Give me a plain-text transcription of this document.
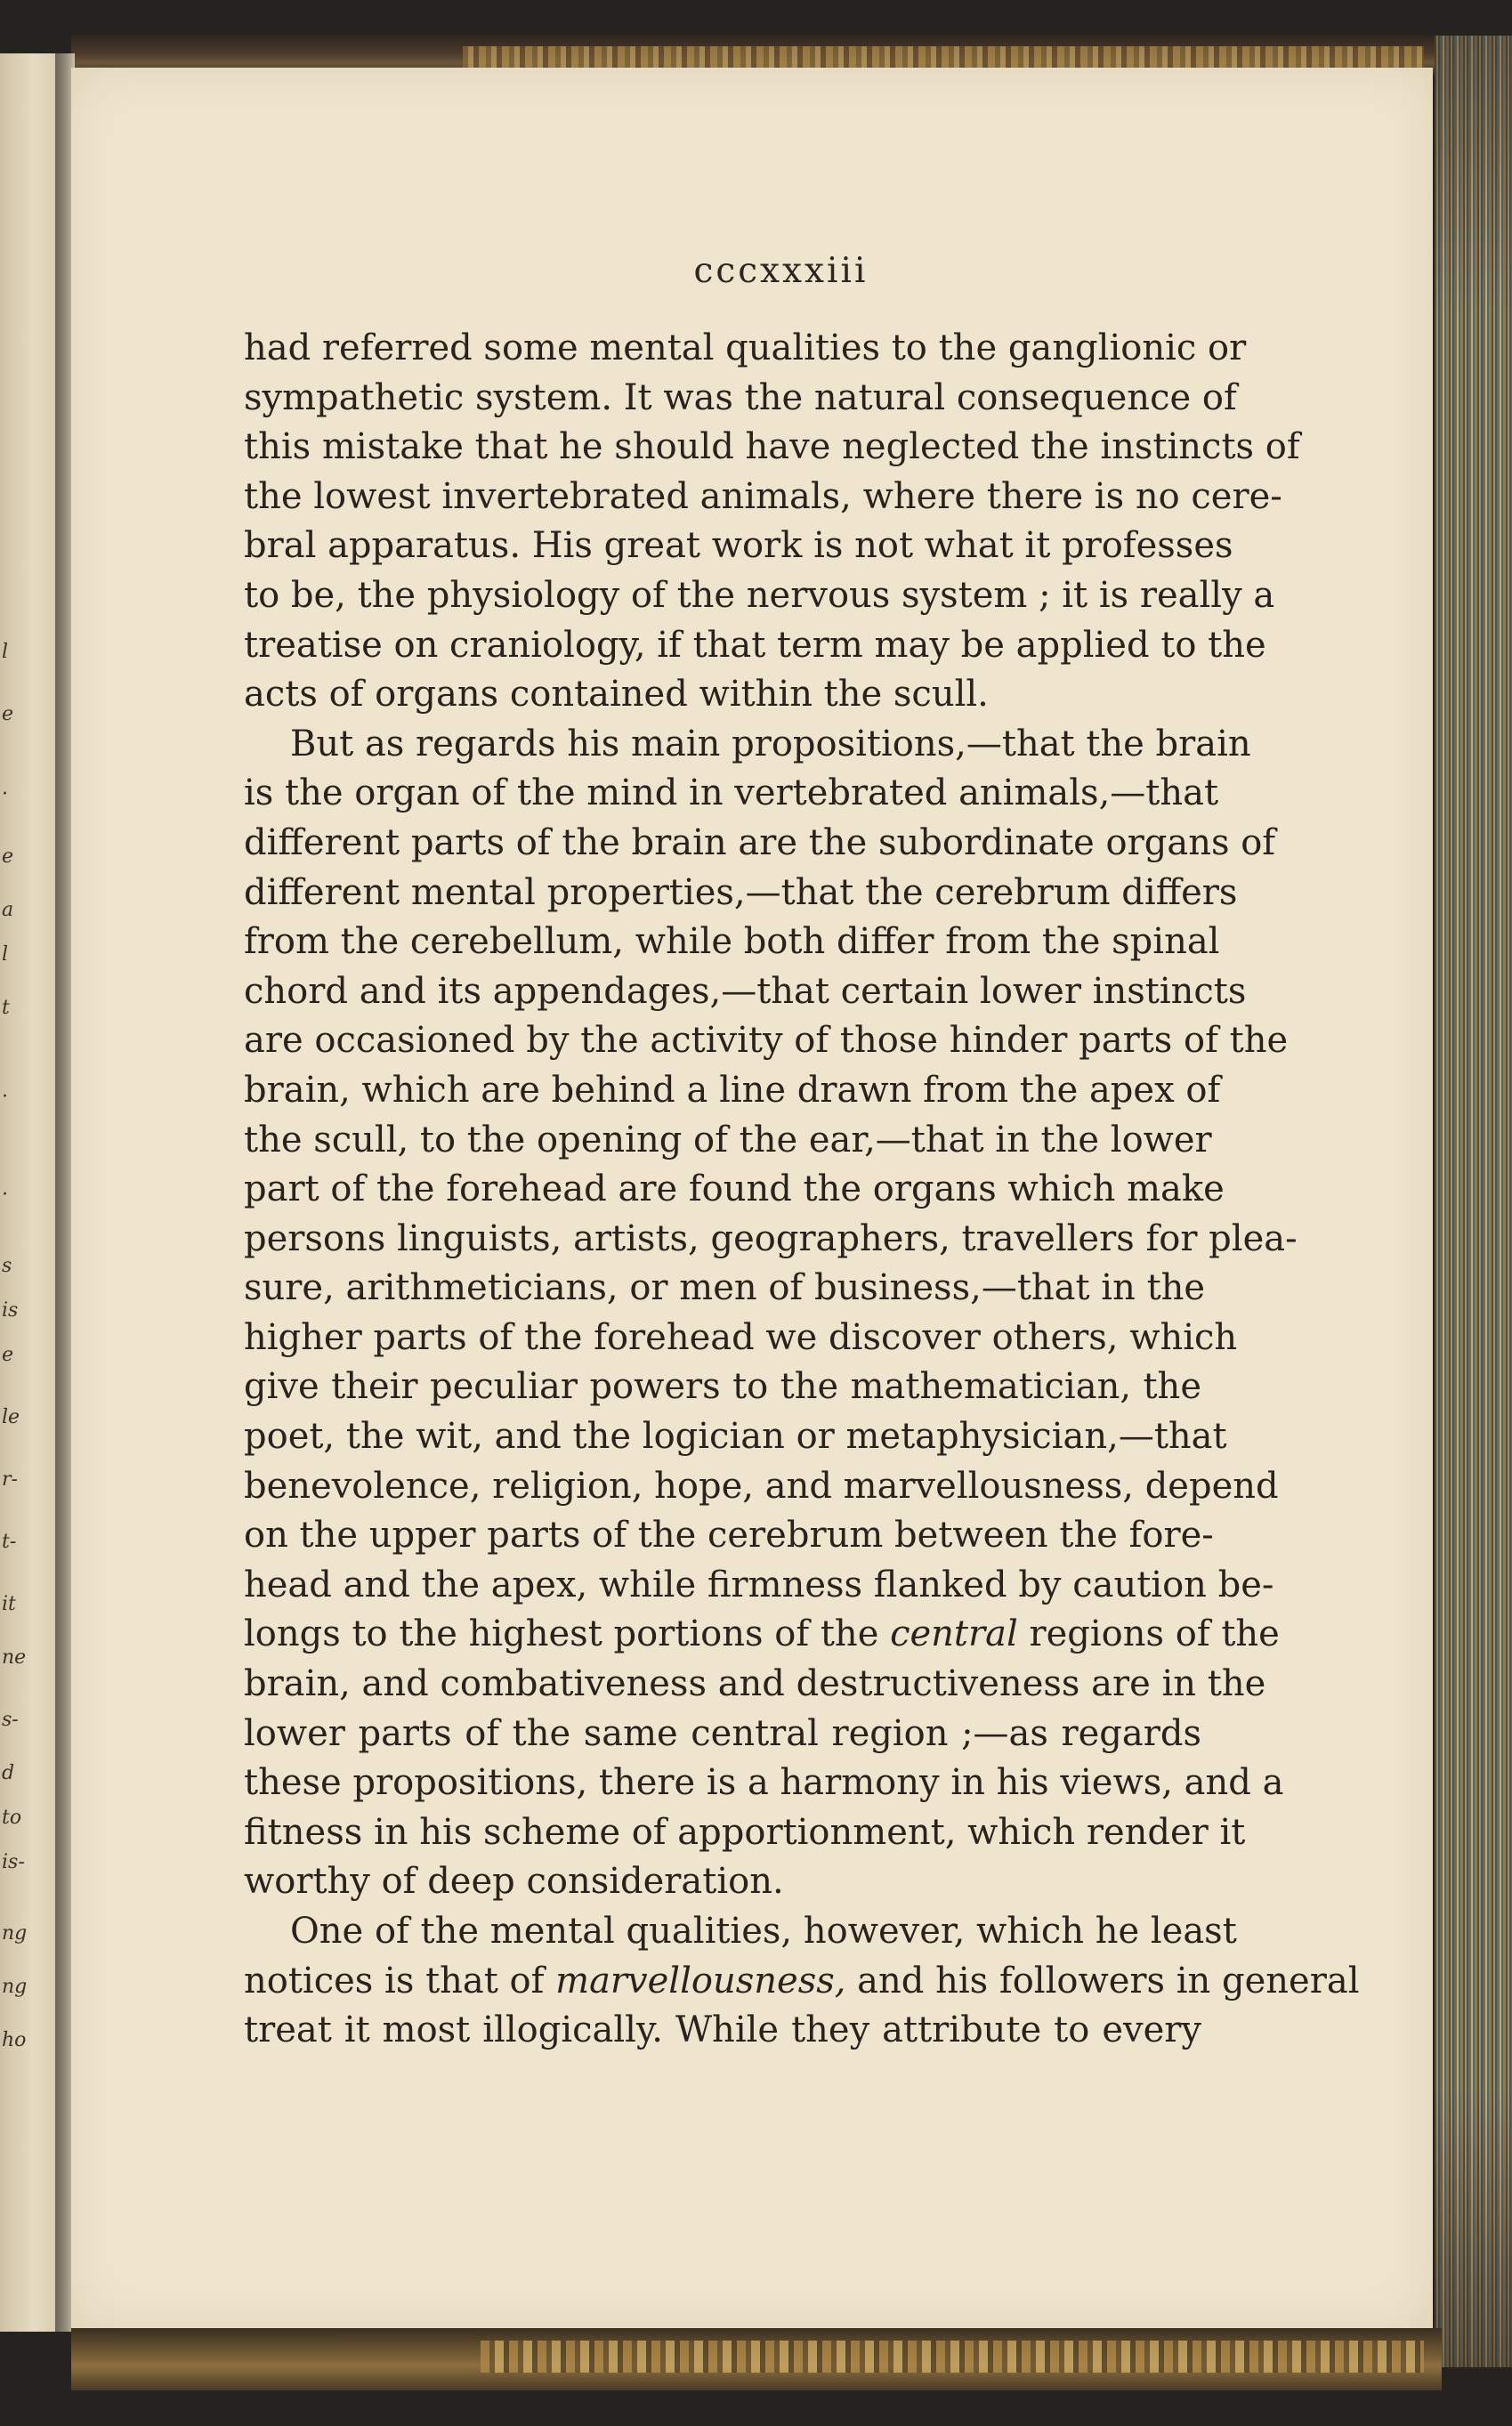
l
e
·
e
a
l
t
·
·
s
is
e
le
r-
t-
it
ne
s-
d
to
is-
ng
ng
ho
cccxxxiii
had referred some mental qualities to the ganglionic or
sympathetic system. It was the natural consequence of
this mistake that he should have neglected the instincts of
the lowest invertebrated animals, where there is no cere-
bral apparatus. His great work is not what it professes
to be, the physiology of the nervous system ; it is really a
treatise on craniology, if that term may be applied to the
acts of organs contained within the scull.
But as regards his main propositions,—that the brain
is the organ of the mind in vertebrated animals,—that
different parts of the brain are the subordinate organs of
different mental properties,—that the cerebrum differs
from the cerebellum, while both differ from the spinal
chord and its appendages,—that certain lower instincts
are occasioned by the activity of those hinder parts of the
brain, which are behind a line drawn from the apex of
the scull, to the opening of the ear,—that in the lower
part of the forehead are found the organs which make
persons linguists, artists, geographers, travellers for plea-
sure, arithmeticians, or men of business,—that in the
higher parts of the forehead we discover others, which
give their peculiar powers to the mathematician, the
poet, the wit, and the logician or metaphysician,—that
benevolence, religion, hope, and marvellousness, depend
on the upper parts of the cerebrum between the fore-
head and the apex, while firmness flanked by caution be-
longs to the highest portions of the central regions of the
brain, and combativeness and destructiveness are in the
lower parts of the same central region ;—as regards
these propositions, there is a harmony in his views, and a
fitness in his scheme of apportionment, which render it
worthy of deep consideration.
One of the mental qualities, however, which he least
notices is that of marvellousness, and his followers in general
treat it most illogically. While they attribute to every
